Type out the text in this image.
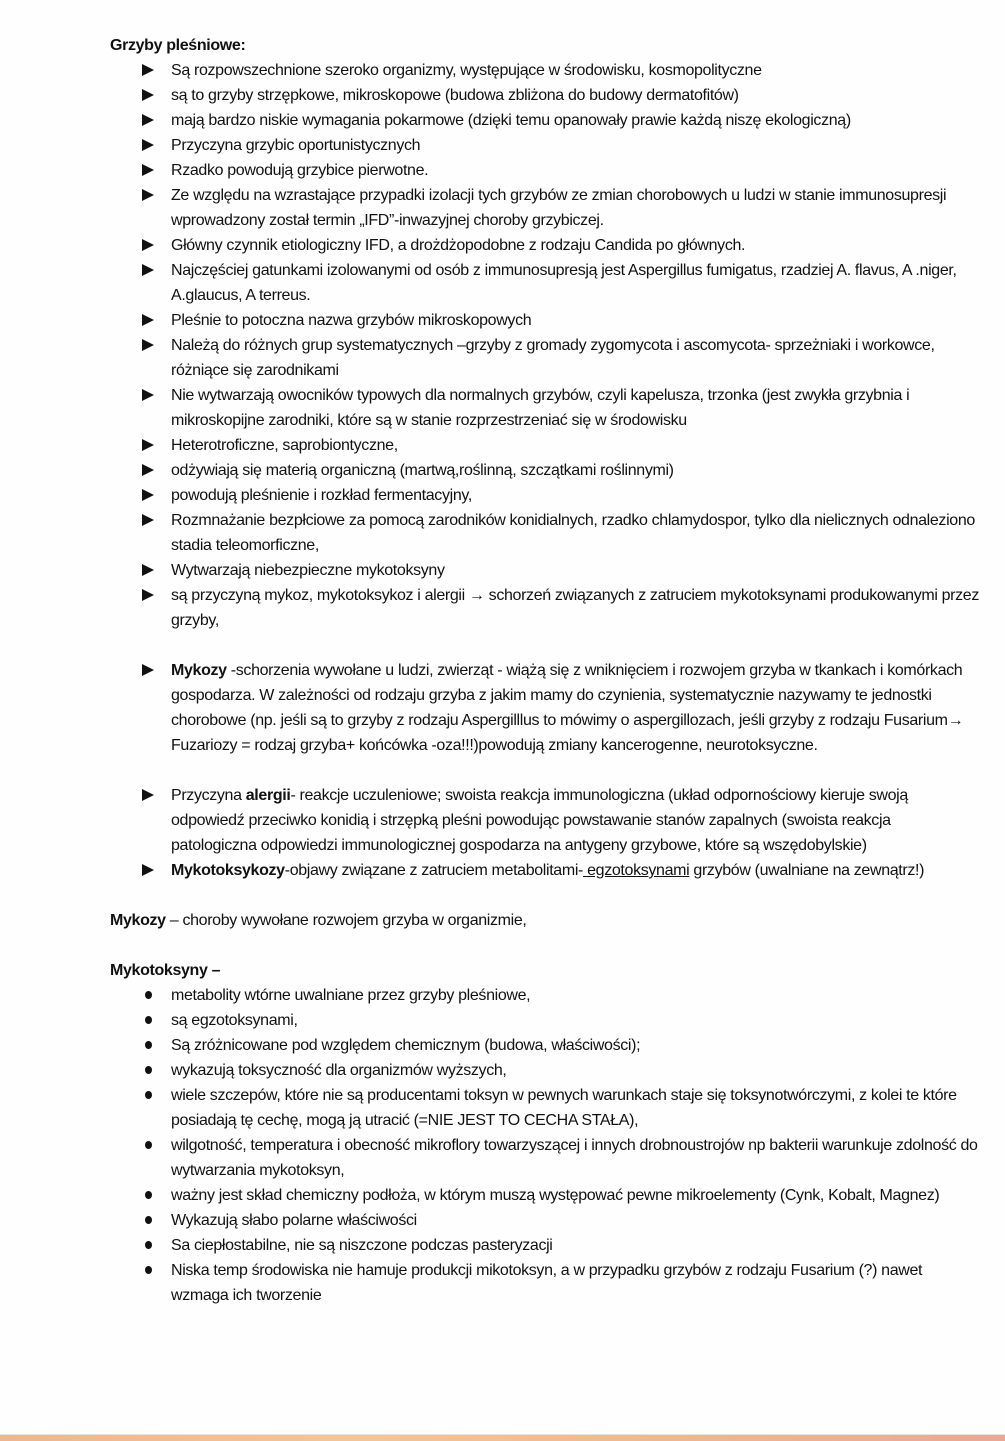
Grzyby pleśniowe:

Są rozpowszechnione szeroko organizmy, występujące w środowisku, kosmopolityczne
są to grzyby strzępkowe, mikroskopowe (budowa zbliżona do budowy dermatofitów)
mają bardzo niskie wymagania pokarmowe (dzięki temu opanowały prawie każdą niszę ekologiczną)
Przyczyna grzybic oportunistycznych
Rzadko powodują grzybice pierwotne.
Ze względu na wzrastające przypadki izolacji tych grzybów ze zmian chorobowych u ludzi w stanie immunosupresji wprowadzony został termin „IFD”-inwazyjnej choroby grzybiczej.
Główny czynnik etiologiczny IFD, a drożdżopodobne z rodzaju Candida po głównych.
Najczęściej gatunkami izolowanymi od osób z immunosupresją jest Aspergillus fumigatus, rzadziej A. flavus, A .niger, A.glaucus, A terreus.
Pleśnie to potoczna nazwa grzybów mikroskopowych
Należą do różnych grup systematycznych –grzyby z gromady zygomycota i ascomycota- sprzeżniaki i workowce, różniące się zarodnikami
Nie wytwarzają owocników typowych dla normalnych grzybów, czyli kapelusza, trzonka (jest zwykła grzybnia i mikroskopijne zarodniki, które są w stanie rozprzestrzeniać się w środowisku
Heterotroficzne, saprobiontyczne,
odżywiają się materią organiczną (martwą,roślinną, szczątkami roślinnymi)
powodują pleśnienie i rozkład fermentacyjny,
Rozmnażanie bezpłciowe za pomocą zarodników konidialnych, rzadko chlamydospor, tylko dla nielicznych odnaleziono stadia teleomorficzne,
Wytwarzają niebezpieczne mykotoksyny
są przyczyną mykoz, mykotoksykoz i alergii → schorzeń związanych z zatruciem mykotoksynami produkowanymi przez grzyby,
Mykozy -schorzenia wywołane u ludzi, zwierząt - wiążą się z wniknięciem i rozwojem grzyba w tkankach i komórkach gospodarza. W zależności od rodzaju grzyba z jakim mamy do czynienia, systematycznie nazywamy te jednostki chorobowe (np. jeśli są to grzyby z rodzaju Aspergilllus to mówimy o aspergillozach, jeśli grzyby z rodzaju Fusarium→ Fuzariozy = rodzaj grzyba+ końcówka -oza!!!)powodują zmiany kancerogenne, neurotoksyczne.
Przyczyna alergii- reakcje uczuleniowe; swoista reakcja immunologiczna (układ odpornościowy kieruje swoją odpowiedź przeciwko konidią i strzępką pleśni powodując powstawanie stanów zapalnych (swoista reakcja patologiczna odpowiedzi immunologicznej gospodarza na antygeny grzybowe, które są wszędobylskie)
Mykotoksykozy-objawy związane z zatruciem metabolitami- egzotoksynami grzybów (uwalniane na zewnątrz!)

Mykozy – choroby wywołane rozwojem grzyba w organizmie,

Mykotoksyny –

metabolity wtórne uwalniane przez grzyby pleśniowe,
są egzotoksynami,
Są zróżnicowane pod względem chemicznym (budowa, właściwości);
wykazują toksyczność dla organizmów wyższych,
wiele szczepów, które nie są producentami toksyn w pewnych warunkach staje się toksynotwórczymi, z kolei te które posiadają tę cechę, mogą ją utracić (=NIE JEST TO CECHA STAŁA),
wilgotność, temperatura i obecność mikroflory towarzyszącej i innych drobnoustrojów np bakterii warunkuje zdolność do wytwarzania mykotoksyn,
ważny jest skład chemiczny podłoża, w którym muszą występować pewne mikroelementy (Cynk, Kobalt, Magnez)
Wykazują słabo polarne właściwości
Sa ciepłostabilne, nie są niszczone podczas pasteryzacji
Niska temp środowiska nie hamuje produkcji mikotoksyn, a w przypadku grzybów z rodzaju Fusarium (?) nawet wzmaga ich tworzenie
